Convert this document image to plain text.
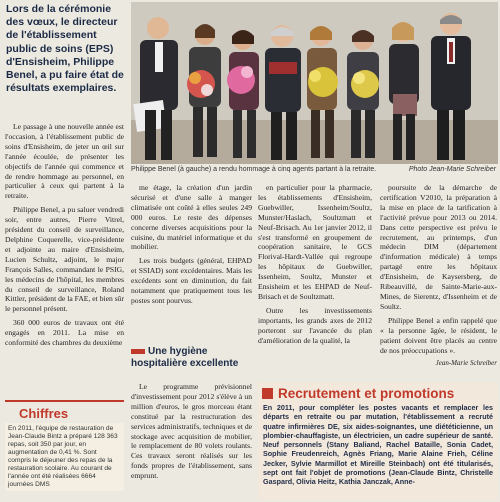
Lors de la cérémonie des vœux, le directeur de l'établissement public de soins (EPS) d'Ensisheim, Philippe Benel, a pu faire état de résultats exemplaires.
Philippe Benel (à gauche) a rendu hommage à cinq agents partant à la retraite.	Photo Jean-Marie Schreiber

Le passage à une nouvelle année est l'occasion, à l'établissement public de soins d'Ensisheim, de jeter un œil sur l'année écoulée, de présenter les objectifs de l'année qui commence et de rendre hommage au personnel, en particulier à ceux qui partent à la retraite.

Philippe Benel, a pu saluer vendredi soir, entre autres, Pierre Vitrel, président du conseil de surveillance, Delphine Coquerelle, vice-présidente et adjointe au maire d'Ensisheim, Lucien Schultz, adjoint, le major François Salles, commandant le PSIG, les médecins de l'hôpital, les membres du conseil de surveillance, Roland Kittler, président de la FAE, et bien sûr le personnel présent.

360 000 euros de travaux ont été engagés en 2011. La mise en conformité des chambres du deuxième

me étage, la création d'un jardin sécurisé et d'une salle à manger climatisée ont coûté à elles seules 249 000 euros. Le reste des dépenses concerne diverses acquisitions pour la cuisine, du matériel informatique et du mobilier.

Les trois budgets (général, EHPAD et SSIAD) sont excédentaires. Mais les excédents sont en diminution, du fait notamment que pratiquement tous les postes sont pourvus.

Une hygiène hospitalière excellente

Le programme prévisionnel d'investissement pour 2012 s'élève à un million d'euros, le gros morceau étant constitué par la restructuration des services administratifs, techniques et de stockage avec acquisition de mobilier, le remplacement de 80 volets roulants. Ces travaux seront réalisés sur les fonds propres de l'établissement, sans emprunt.

en particulier pour la pharmacie, les établissements d'Ensisheim, Guebwiller, Issenheim/Soultz, Munster/Haslach, Soultzmatt et Neuf-Brisach. Au 1er janvier 2012, il s'est transformé en groupement de coopération sanitaire, le GCS Florival-Hardt-Vallée qui regroupe les hôpitaux de Guebwiller, Issenheim, Soultz, Munster et Ensisheim et les EHPAD de Neuf-Brisach et de Soultzmatt.

Outre les investissements importants, les grands axes de 2012 porteront sur l'avancée du plan d'amélioration de la qualité, la

poursuite de la démarche de certification V2010, la préparation à la mise en place de la tarification à l'activité prévue pour 2013 ou 2014. Dans cette perspective est prévu le recrutement, au printemps, d'un médecin DIM (département d'information médicale) à temps partagé entre les hôpitaux d'Ensisheim, de Kaysersberg, de Ribeauvillé, de Sainte-Marie-aux-Mines, de Sierentz, d'Issenheim et de Soultz.

Philippe Benel a enfin rappelé que « la personne âgée, le résident, le patient doivent être placés au centre de nos préoccupations ».

Jean-Marie Schreiber
Chiffres
En 2011, l'équipe de restauration de Jean-Claude Bintz a préparé 128 363 repas, soit 350 par jour, en augmentation de 0,41 %. Sont compris le déjeuner des repas de la restauration scolaire. Au courant de l'année ont été réalisées 6664 journées DMS
Recrutement et promotions
En 2011, pour compléter les postes vacants et remplacer les départs en retraite ou par mutation, l'établissement a recruté quatre infirmières DE, six aides-soignantes, une diététicienne, un plombier-chauffagiste, un électricien, un cadre supérieur de santé. Neuf personnels (Stany Baliand, Rachel Bataille, Sonia Cadet, Sophie Freudenreich, Agnès Friang, Marie Alaine Frieh, Céline Jecker, Sylvie Marmillot et Mireille Steinbach) ont été titularisés, sept ont fait l'objet de promotions (Jean-Claude Bintz, Christelle Gaspard, Olivia Heitz, Kathia Janczak, Anne-
